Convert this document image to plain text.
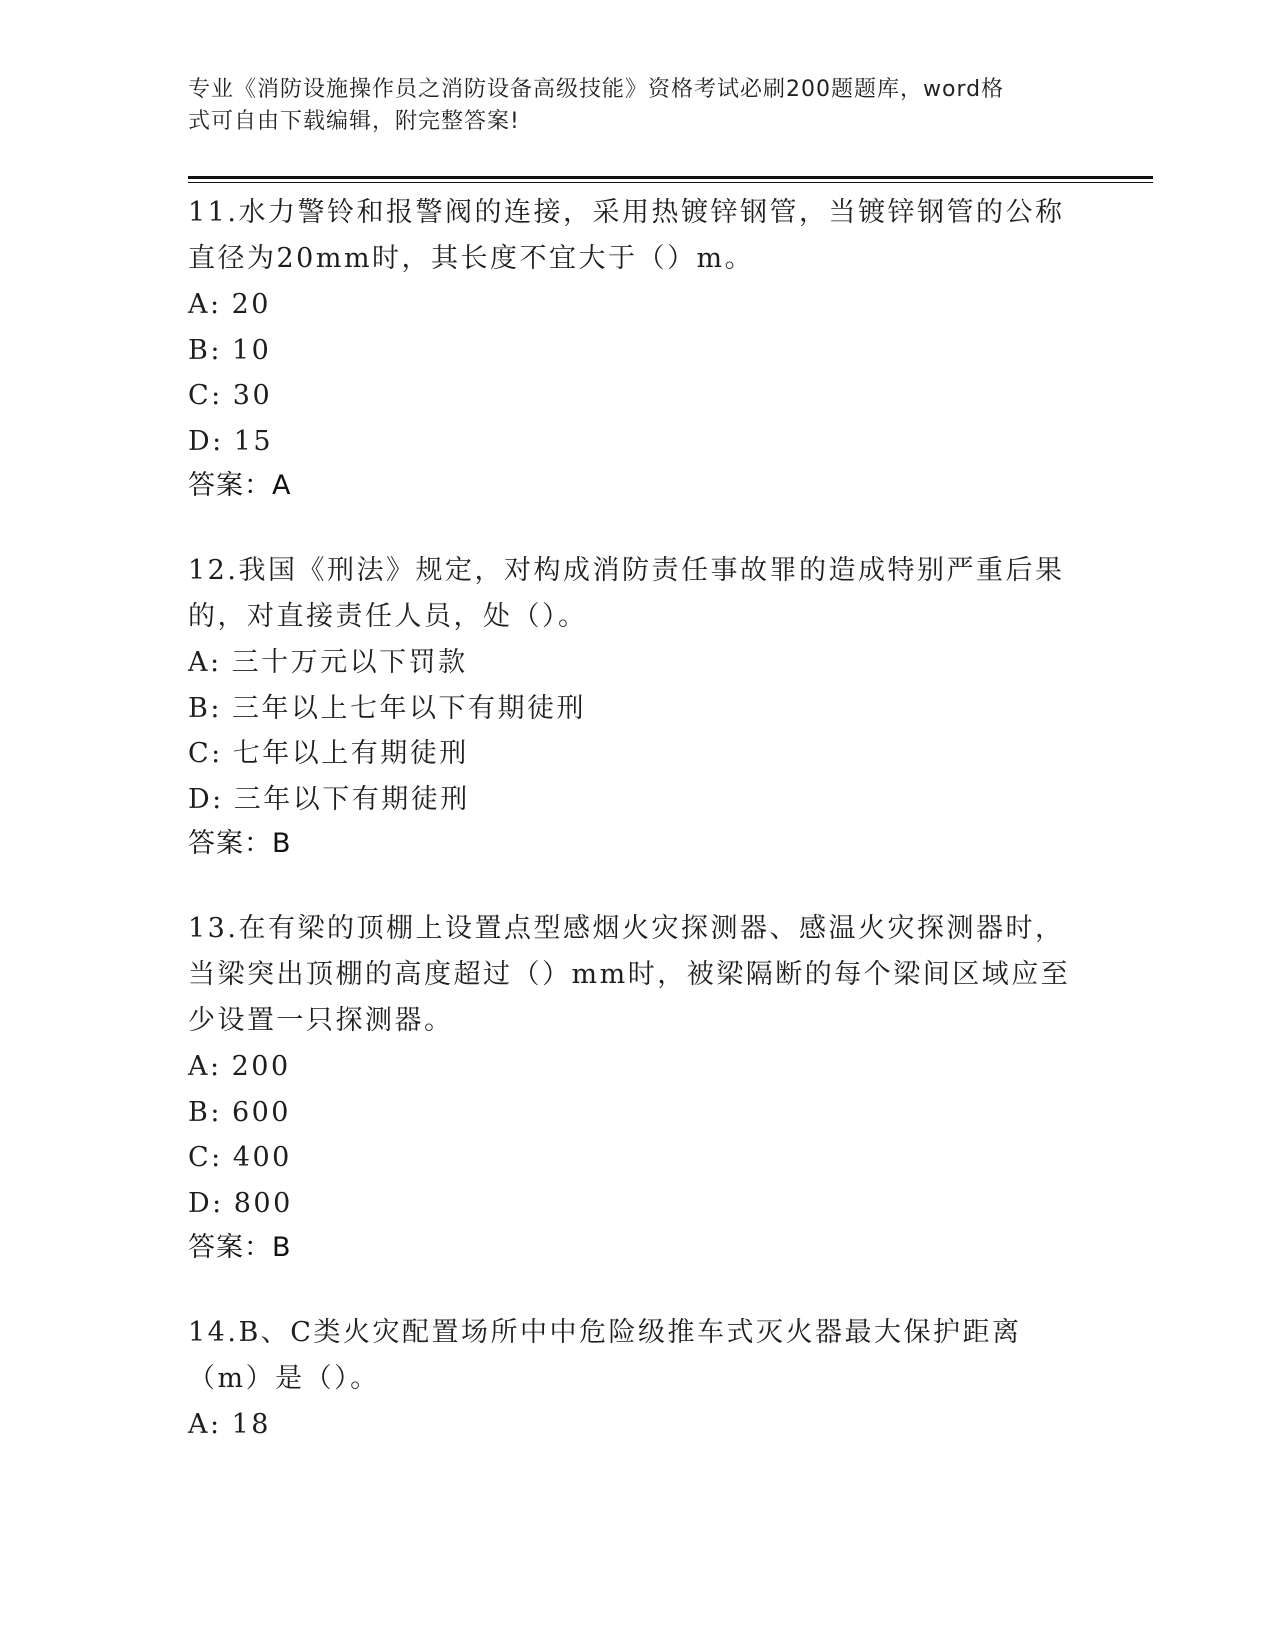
专业《消防设施操作员之消防设备高级技能》资格考试必刷200题题库，word格
式可自由下载编辑，附完整答案!

11.水力警铃和报警阀的连接，采用热镀锌钢管，当镀锌钢管的公称直径为20mm时，其长度不宜大于（）m。

A: 20
B: 10
C: 30
D: 15

答案：A

12.我国《刑法》规定，对构成消防责任事故罪的造成特别严重后果的，对直接责任人员，处（）。

A: 三十万元以下罚款
B: 三年以上七年以下有期徒刑
C: 七年以上有期徒刑
D: 三年以下有期徒刑

答案：B

13.在有梁的顶棚上设置点型感烟火灾探测器、感温火灾探测器时，当梁突出顶棚的高度超过（）mm时，被梁隔断的每个梁间区域应至少设置一只探测器。

A: 200
B: 600
C: 400
D: 800

答案：B

14.B、C类火灾配置场所中中危险级推车式灭火器最大保护距离（m）是（）。

A: 18
